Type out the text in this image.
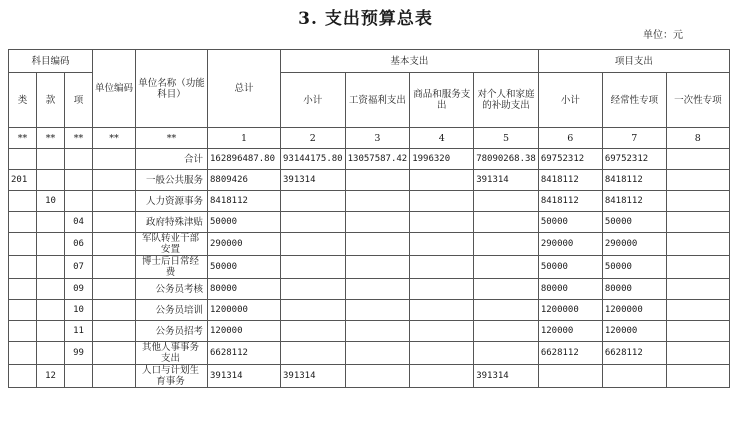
3. 支出预算总表
单位：元
科目编码			单位编码	单位名称（功能科目）	总计	基本支出				项目支出		
类	款	项				小计	工资福利支出	商品和服务支出	对个人和家庭的补助支出	小计	经常性专项	一次性专项
**	**	**	**	**	1	2	3	4	5	6	7	8
				合计	162896487.80	93144175.80	13057587.42	1996320	78090268.38	69752312	69752312	
201				一般公共服务	8809426	391314			391314	8418112	8418112	
	10			人力资源事务	8418112					8418112	8418112	
		04		政府特殊津贴	50000					50000	50000	
		06		军队转业干部安置	290000					290000	290000	
		07		博士后日常经费	50000					50000	50000	
		09		公务员考核	80000					80000	80000	
		10		公务员培训	1200000					1200000	1200000	
		11		公务员招考	120000					120000	120000	
		99		其他人事事务支出	6628112					6628112	6628112	
	12			人口与计划生育事务	391314	391314			391314			
